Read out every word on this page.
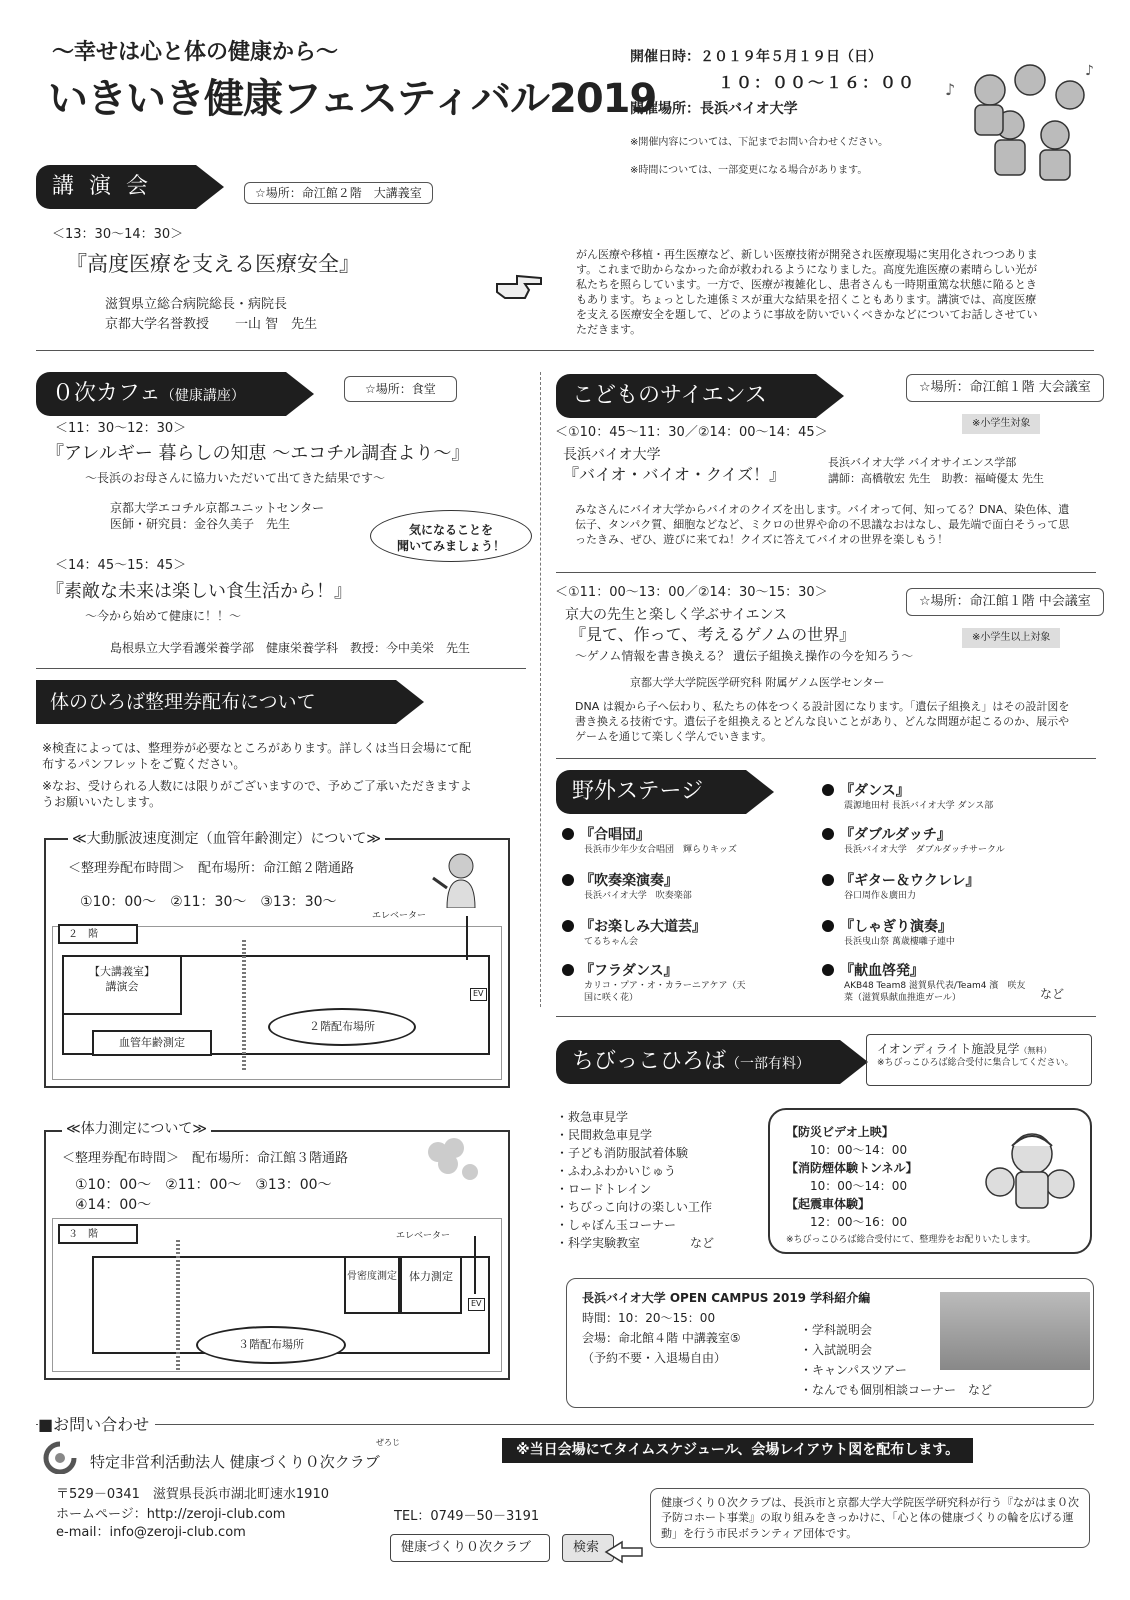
～幸せは心と体の健康から～
いきいき健康フェスティバル2019
開催日時：２０１９年５月１９日（日）
１０：００～１６：００
開催場所：長浜バイオ大学
※開催内容については、下記までお問い合わせください。
※時間については、一部変更になる場合があります。
♪
♪
講 演 会	☆場所：命江館２階　大講義室
＜13：30～14：30＞
『高度医療を支える医療安全』
滋賀県立総合病院総長・病院長
京都大学名誉教授　　一山 智　先生
がん医療や移植・再生医療など、新しい医療技術が開発され医療現場に実用化されつつあります。これまで助からなかった命が救われるようになりました。高度先進医療の素晴らしい光が私たちを照らしています。一方で、医療が複雑化し、患者さんも一時期重篤な状態に陥るときもあります。ちょっとした連係ミスが重大な結果を招くこともあります。講演では、高度医療を支える医療安全を題して、どのように事故を防いでいくべきかなどについてお話しさせていただきます。
０次カフェ（健康講座）	☆場所：食堂
＜11：30～12：30＞
『アレルギー 暮らしの知恵 ～エコチル調査より～』
～長浜のお母さんに協力いただいて出てきた結果です～
京都大学エコチル京都ユニットセンター
医師・研究員：金谷久美子　先生	気になることを
聞いてみましょう！
＜14：45～15：45＞
『素敵な未来は楽しい食生活から！』
～今から始めて健康に！！～
島根県立大学看護栄養学部　健康栄養学科　教授：今中美栄　先生
こどものサイエンス	☆場所：命江館１階 大会議室
※小学生対象
＜①10：45～11：30／②14：00～14：45＞
長浜バイオ大学
『バイオ・バイオ・クイズ！』
長浜バイオ大学 バイオサイエンス学部
講師：高橋敬宏 先生　助教：福崎優太 先生
みなさんにバイオ大学からバイオのクイズを出します。バイオって何、知ってる？DNA、染色体、遺伝子、タンパク質、細胞などなど、ミクロの世界や命の不思議なおはなし、最先端で面白そうって思ったきみ、ぜひ、遊びに来てね！クイズに答えてバイオの世界を楽しもう！
＜①11：00～13：00／②14：30～15：30＞
☆場所：命江館１階 中会議室
京大の先生と楽しく学ぶサイエンス
※小学生以上対象
『見て、作って、考えるゲノムの世界』
～ゲノム情報を書き換える？ 遺伝子組換え操作の今を知ろう～
京都大学大学院医学研究科 附属ゲノム医学センター
DNA は親から子へ伝わり、私たちの体をつくる設計図になります。「遺伝子組換え」はその設計図を書き換える技術です。遺伝子を組換えるとどんな良いことがあり、どんな問題が起こるのか、展示やゲームを通じて楽しく学んでいきます。
体のひろば整理券配布について
※検査によっては、整理券が必要なところがあります。詳しくは当日会場にて配布するパンフレットをご覧ください。
※なお、受けられる人数には限りがございますので、予めご了承いただきますようお願いいたします。
≪大動脈波速度測定（血管年齢測定）について≫
＜整理券配布時間＞　配布場所：命江館２階通路
①10：00～　②11：30～　③13：30～
エレベーター
２　階
【大講義室】
講演会
血管年齢測定
２階配布場所
EV
≪体力測定について≫
＜整理券配布時間＞　配布場所：命江館３階通路
①10：00～　②11：00～　③13：00～
④14：00～
エレベーター
３　階
骨密度測定	体力測定
３階配布場所
EV
野外ステージ
『合唱団』
長浜市少年少女合唱団　輝らりキッズ
『吹奏楽演奏』
長浜バイオ大学　吹奏楽部
『お楽しみ大道芸』
てるちゃん会
『フラダンス』
カリコ・プア・オ・カラーニアケア（天国に咲く花）
『ダンス』
震源地田村 長浜バイオ大学 ダンス部
『ダブルダッチ』
長浜バイオ大学　ダブルダッチサークル
『ギター＆ウクレレ』
谷口周作＆廣田力
『しゃぎり演奏』
長浜曳山祭 萬歳樓囃子連中
『献血啓発』
AKB48 Team8 滋賀県代表/Team4 濱　咲友菜（滋賀県献血推進ガール）	など
ちびっこひろば（一部有料）
イオンディライト施設見学（無料）
※ちびっこひろば総合受付に集合してください。
・救急車見学
・民間救急車見学
・子ども消防服試着体験
・ふわふわかいじゅう
・ロードトレイン
・ちびっこ向けの楽しい工作
・しゃぼん玉コーナー
・科学実験教室	など
【防災ビデオ上映】
10：00～14：00
【消防煙体験トンネル】
10：00～14：00
【起震車体験】
12：00～16：00
※ちびっこひろば総合受付にて、整理券をお配りいたします。
長浜バイオ大学 OPEN CAMPUS 2019 学科紹介編
時間：10：20～15：00
会場：命北館４階 中講義室⑤
（予約不要・入退場自由）
・学科説明会
・入試説明会
・キャンパスツアー
・なんでも個別相談コーナー　など
■お問い合わせ
特定非営利活動法人 健康づくり０次クラブ
ぜろじ	※当日会場にてタイムスケジュール、会場レイアウト図を配布します。
〒529－0341　滋賀県長浜市湖北町速水1910
ホームページ：http://zeroji-club.com
e-mail：info@zeroji-club.com
TEL：0749－50－3191
健康づくり０次クラブ	検索
健康づくり０次クラブは、長浜市と京都大学大学院医学研究科が行う『ながはま０次予防コホート事業』の取り組みをきっかけに、「心と体の健康づくりの輪を広げる運動」を行う市民ボランティア団体です。
